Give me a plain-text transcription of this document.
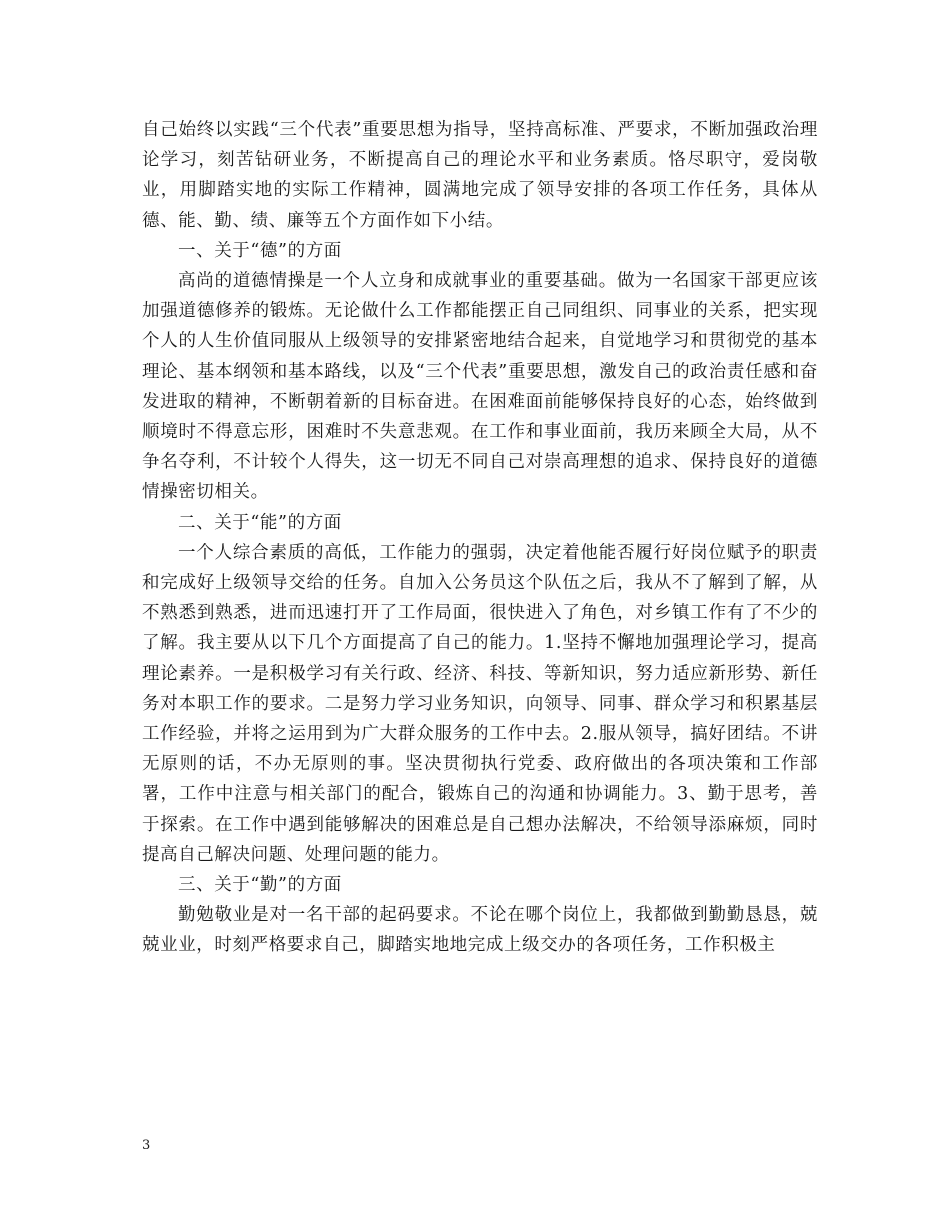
自己始终以实践“三个代表”重要思想为指导，坚持高标准、严要求，不断加强政治理论学习，刻苦钻研业务，不断提高自己的理论水平和业务素质。恪尽职守，爱岗敬业，用脚踏实地的实际工作精神，圆满地完成了领导安排的各项工作任务，具体从德、能、勤、绩、廉等五个方面作如下小结。

一、关于“德”的方面

高尚的道德情操是一个人立身和成就事业的重要基础。做为一名国家干部更应该加强道德修养的锻炼。无论做什么工作都能摆正自己同组织、同事业的关系，把实现个人的人生价值同服从上级领导的安排紧密地结合起来，自觉地学习和贯彻党的基本理论、基本纲领和基本路线，以及“三个代表”重要思想，激发自己的政治责任感和奋发进取的精神，不断朝着新的目标奋进。在困难面前能够保持良好的心态，始终做到顺境时不得意忘形，困难时不失意悲观。在工作和事业面前，我历来顾全大局，从不争名夺利，不计较个人得失，这一切无不同自己对崇高理想的追求、保持良好的道德情操密切相关。

二、关于“能”的方面

一个人综合素质的高低，工作能力的强弱，决定着他能否履行好岗位赋予的职责和完成好上级领导交给的任务。自加入公务员这个队伍之后，我从不了解到了解，从不熟悉到熟悉，进而迅速打开了工作局面，很快进入了角色，对乡镇工作有了不少的了解。我主要从以下几个方面提高了自己的能力。1.坚持不懈地加强理论学习，提高理论素养。一是积极学习有关行政、经济、科技、等新知识，努力适应新形势、新任务对本职工作的要求。二是努力学习业务知识，向领导、同事、群众学习和积累基层工作经验，并将之运用到为广大群众服务的工作中去。2.服从领导，搞好团结。不讲无原则的话，不办无原则的事。坚决贯彻执行党委、政府做出的各项决策和工作部署，工作中注意与相关部门的配合，锻炼自己的沟通和协调能力。3、勤于思考，善于探索。在工作中遇到能够解决的困难总是自己想办法解决，不给领导添麻烦，同时提高自己解决问题、处理问题的能力。

三、关于“勤”的方面

勤勉敬业是对一名干部的起码要求。不论在哪个岗位上，我都做到勤勤恳恳，兢兢业业，时刻严格要求自己，脚踏实地地完成上级交办的各项任务，工作积极主

3
